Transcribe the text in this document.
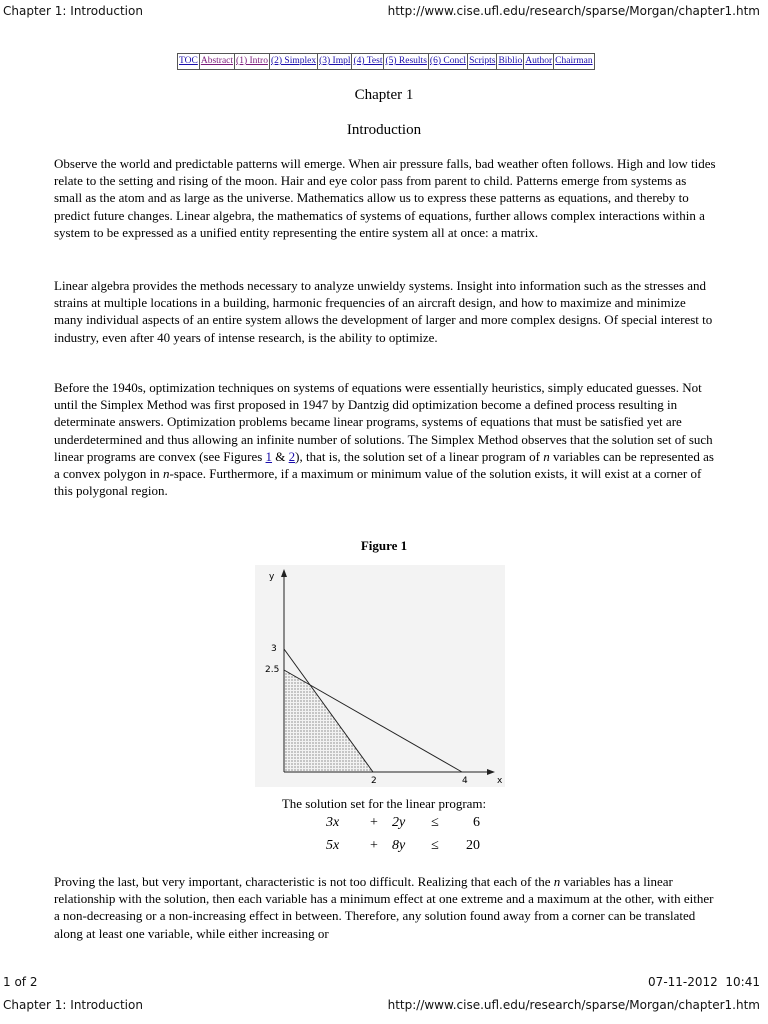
Chapter 1: Introduction	http://www.cise.ufl.edu/research/sparse/Morgan/chapter1.htm
TOC Abstract (1) Intro (2) Simplex (3) Impl (4) Test (5) Results (6) Concl Scripts Biblio Author Chairman
Chapter 1
Introduction

Observe the world and predictable patterns will emerge. When air pressure falls, bad weather often follows. High and low tides relate to the setting and rising of the moon. Hair and eye color pass from parent to child. Patterns emerge from systems as small as the atom and as large as the universe. Mathematics allow us to express these patterns as equations, and thereby to predict future changes. Linear algebra, the mathematics of systems of equations, further allows complex interactions within a system to be expressed as a unified entity representing the entire system all at once: a matrix.

Linear algebra provides the methods necessary to analyze unwieldy systems. Insight into information such as the stresses and strains at multiple locations in a building, harmonic frequencies of an aircraft design, and how to maximize and minimize many individual aspects of an entire system allows the development of larger and more complex designs. Of special interest to industry, even after 40 years of intense research, is the ability to optimize.

Before the 1940s, optimization techniques on systems of equations were essentially heuristics, simply educated guesses. Not until the Simplex Method was first proposed in 1947 by Dantzig did optimization become a defined process resulting in determinate answers. Optimization problems became linear programs, systems of equations that must be satisfied yet are underdetermined and thus allowing an infinite number of solutions. The Simplex Method observes that the solution set of such linear programs are convex (see Figures 1 & 2), that is, the solution set of a linear program of n variables can be represented as a convex polygon in n-space. Furthermore, if a maximum or minimum value of the solution exists, it will exist at a corner of this polygonal region.

Figure 1
y
x
3
2.5
2	4
The solution set for the linear program:
3x	+	2y	≤	6
5x	+	8y	≤	20

Proving the last, but very important, characteristic is not too difficult. Realizing that each of the n variables has a linear relationship with the solution, then each variable has a minimum effect at one extreme and a maximum at the other, with either a non-decreasing or a non-increasing effect in between. Therefore, any solution found away from a corner can be translated along at least one variable, while either increasing or

1 of 2	07-11-2012  10:41
Chapter 1: Introduction	http://www.cise.ufl.edu/research/sparse/Morgan/chapter1.htm
